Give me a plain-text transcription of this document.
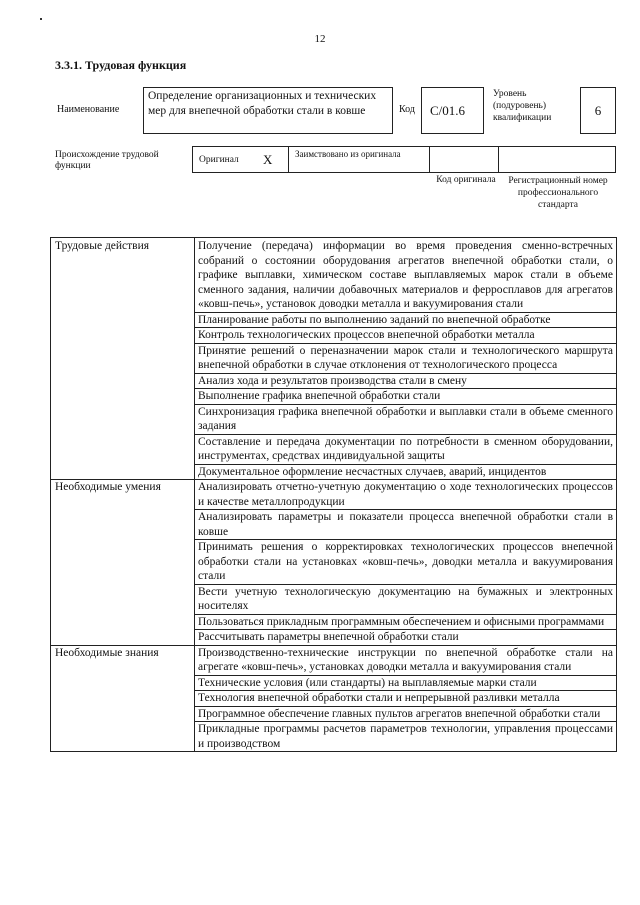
12
3.3.1. Трудовая функция
Наименование
Определение организационных и технических мер для внепечной обработки стали в ковше	Код С/01.6
Уровень (подуровень) квалификации	6
Происхождение трудовой функции
Оригинал X	Заимствовано из оригинала
Код оригинала	Регистрационный номер профессионального стандарта
Трудовые действия	Получение (передача) информации во время проведения сменно-встречных собраний о состоянии оборудования агрегатов внепечной обработки стали, о графике выплавки, химическом составе выплавляемых марок стали в объеме сменного задания, наличии добавочных материалов и ферросплавов для агрегатов «ковш-печь», установок доводки металла и вакуумирования стали
	Планирование работы по выполнению заданий по внепечной обработке
	Контроль технологических процессов внепечной обработки металла
	Принятие решений о переназначении марок стали и технологического маршрута внепечной обработки в случае отклонения от технологического процесса
	Анализ хода и результатов производства стали в смену
	Выполнение графика внепечной обработки стали
	Синхронизация графика внепечной обработки и выплавки стали в объеме сменного задания
	Составление и передача документации по потребности в сменном оборудовании, инструментах, средствах индивидуальной защиты
	Документальное оформление несчастных случаев, аварий, инцидентов
Необходимые умения	Анализировать отчетно-учетную документацию о ходе технологических процессов и качестве металлопродукции
	Анализировать параметры и показатели процесса внепечной обработки стали в ковше
	Принимать решения о корректировках технологических процессов внепечной обработки стали на установках «ковш-печь», доводки металла и вакуумирования стали
	Вести учетную технологическую документацию на бумажных и электронных носителях
	Пользоваться прикладным программным обеспечением и офисными программами
	Рассчитывать параметры внепечной обработки стали
Необходимые знания	Производственно-технические инструкции по внепечной обработке стали на агрегате «ковш-печь», установках доводки металла и вакуумирования стали
	Технические условия (или стандарты) на выплавляемые марки стали
	Технология внепечной обработки стали и непрерывной разливки металла
	Программное обеспечение главных пультов агрегатов внепечной обработки стали
	Прикладные программы расчетов параметров технологии, управления процессами и производством
